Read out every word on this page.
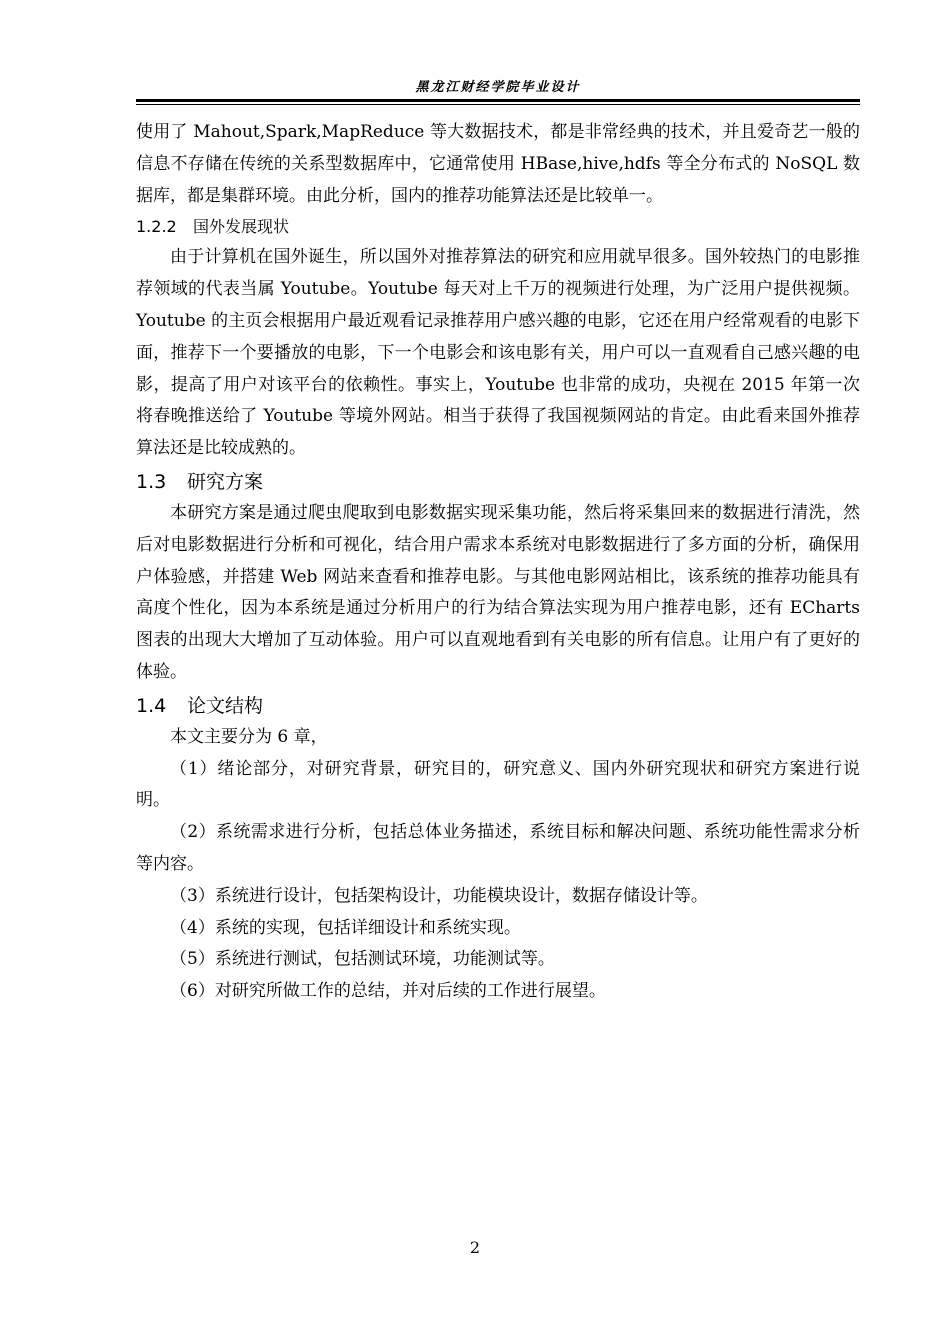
黑龙江财经学院毕业设计

使用了 Mahout,Spark,MapReduce 等大数据技术，都是非常经典的技术，并且爱奇艺一般的信息不存储在传统的关系型数据库中，它通常使用 HBase,hive,hdfs 等全分布式的 NoSQL 数据库，都是集群环境。由此分析，国内的推荐功能算法还是比较单一。

1.2.2 国外发展现状

由于计算机在国外诞生，所以国外对推荐算法的研究和应用就早很多。国外较热门的电影推荐领域的代表当属 Youtube。Youtube 每天对上千万的视频进行处理，为广泛用户提供视频。Youtube 的主页会根据用户最近观看记录推荐用户感兴趣的电影，它还在用户经常观看的电影下面，推荐下一个要播放的电影，下一个电影会和该电影有关，用户可以一直观看自己感兴趣的电影，提高了用户对该平台的依赖性。事实上，Youtube 也非常的成功，央视在 2015 年第一次将春晚推送给了 Youtube 等境外网站。相当于获得了我国视频网站的肯定。由此看来国外推荐算法还是比较成熟的。

1.3 研究方案

本研究方案是通过爬虫爬取到电影数据实现采集功能，然后将采集回来的数据进行清洗，然后对电影数据进行分析和可视化，结合用户需求本系统对电影数据进行了多方面的分析，确保用户体验感，并搭建 Web 网站来查看和推荐电影。与其他电影网站相比，该系统的推荐功能具有高度个性化，因为本系统是通过分析用户的行为结合算法实现为用户推荐电影，还有 ECharts 图表的出现大大增加了互动体验。用户可以直观地看到有关电影的所有信息。让用户有了更好的体验。

1.4 论文结构

本文主要分为 6 章，

（1）绪论部分，对研究背景，研究目的，研究意义、国内外研究现状和研究方案进行说明。

（2）系统需求进行分析，包括总体业务描述，系统目标和解决问题、系统功能性需求分析等内容。

（3）系统进行设计，包括架构设计，功能模块设计，数据存储设计等。

（4）系统的实现，包括详细设计和系统实现。

（5）系统进行测试，包括测试环境，功能测试等。

（6）对研究所做工作的总结，并对后续的工作进行展望。

2
